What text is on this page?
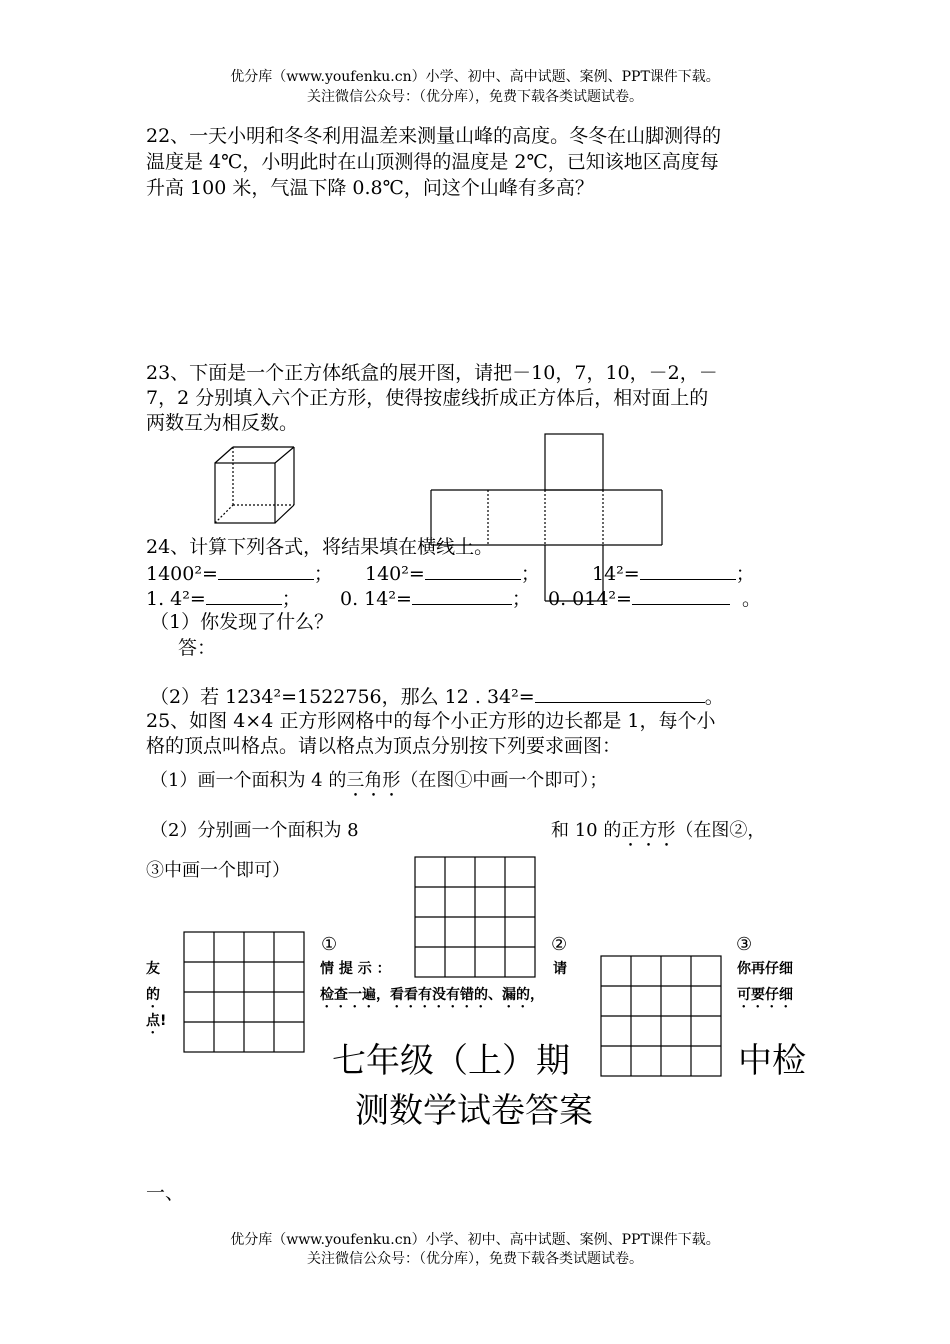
优分库（www.youfenku.cn）小学、初中、高中试题、案例、PPT课件下载。
关注微信公众号：（优分库），免费下载各类试题试卷。
22、一天小明和冬冬利用温差来测量山峰的高度。冬冬在山脚测得的
温度是 4℃，小明此时在山顶测得的温度是 2℃，已知该地区高度每
升高 100 米，气温下降 0.8℃，问这个山峰有多高？
23、下面是一个正方体纸盒的展开图，请把－10，7，10，－2，－
7，2 分别填入六个正方形，使得按虚线折成正方体后，相对面上的
两数互为相反数。
24、计算下列各式，将结果填在横线上。
1400²=	； 140²=	；	14²=	；
1. 4²=	； 0. 14²=	； 0. 014²=	。
（1）你发现了什么？
答：
（2）若 1234²=1522756，那么 12 . 34²=	。
25、如图 4×4 正方形网格中的每个小正方形的边长都是 1，每个小
格的顶点叫格点。请以格点为顶点分别按下列要求画图：
（1）画一个面积为 4 的三角形（在图①中画一个即可）；
（2）分别画一个面积为 8	和 10 的正方形（在图②，
③中画一个即可）
①	②	③
友
的
点!
情 提 示 ：
检查一遍，看看有没有错的、漏的，
请	你再仔细
可要仔细
七年级（上）期	中检
测数学试卷答案
一、
优分库（www.youfenku.cn）小学、初中、高中试题、案例、PPT课件下载。
关注微信公众号：（优分库），免费下载各类试题试卷。
